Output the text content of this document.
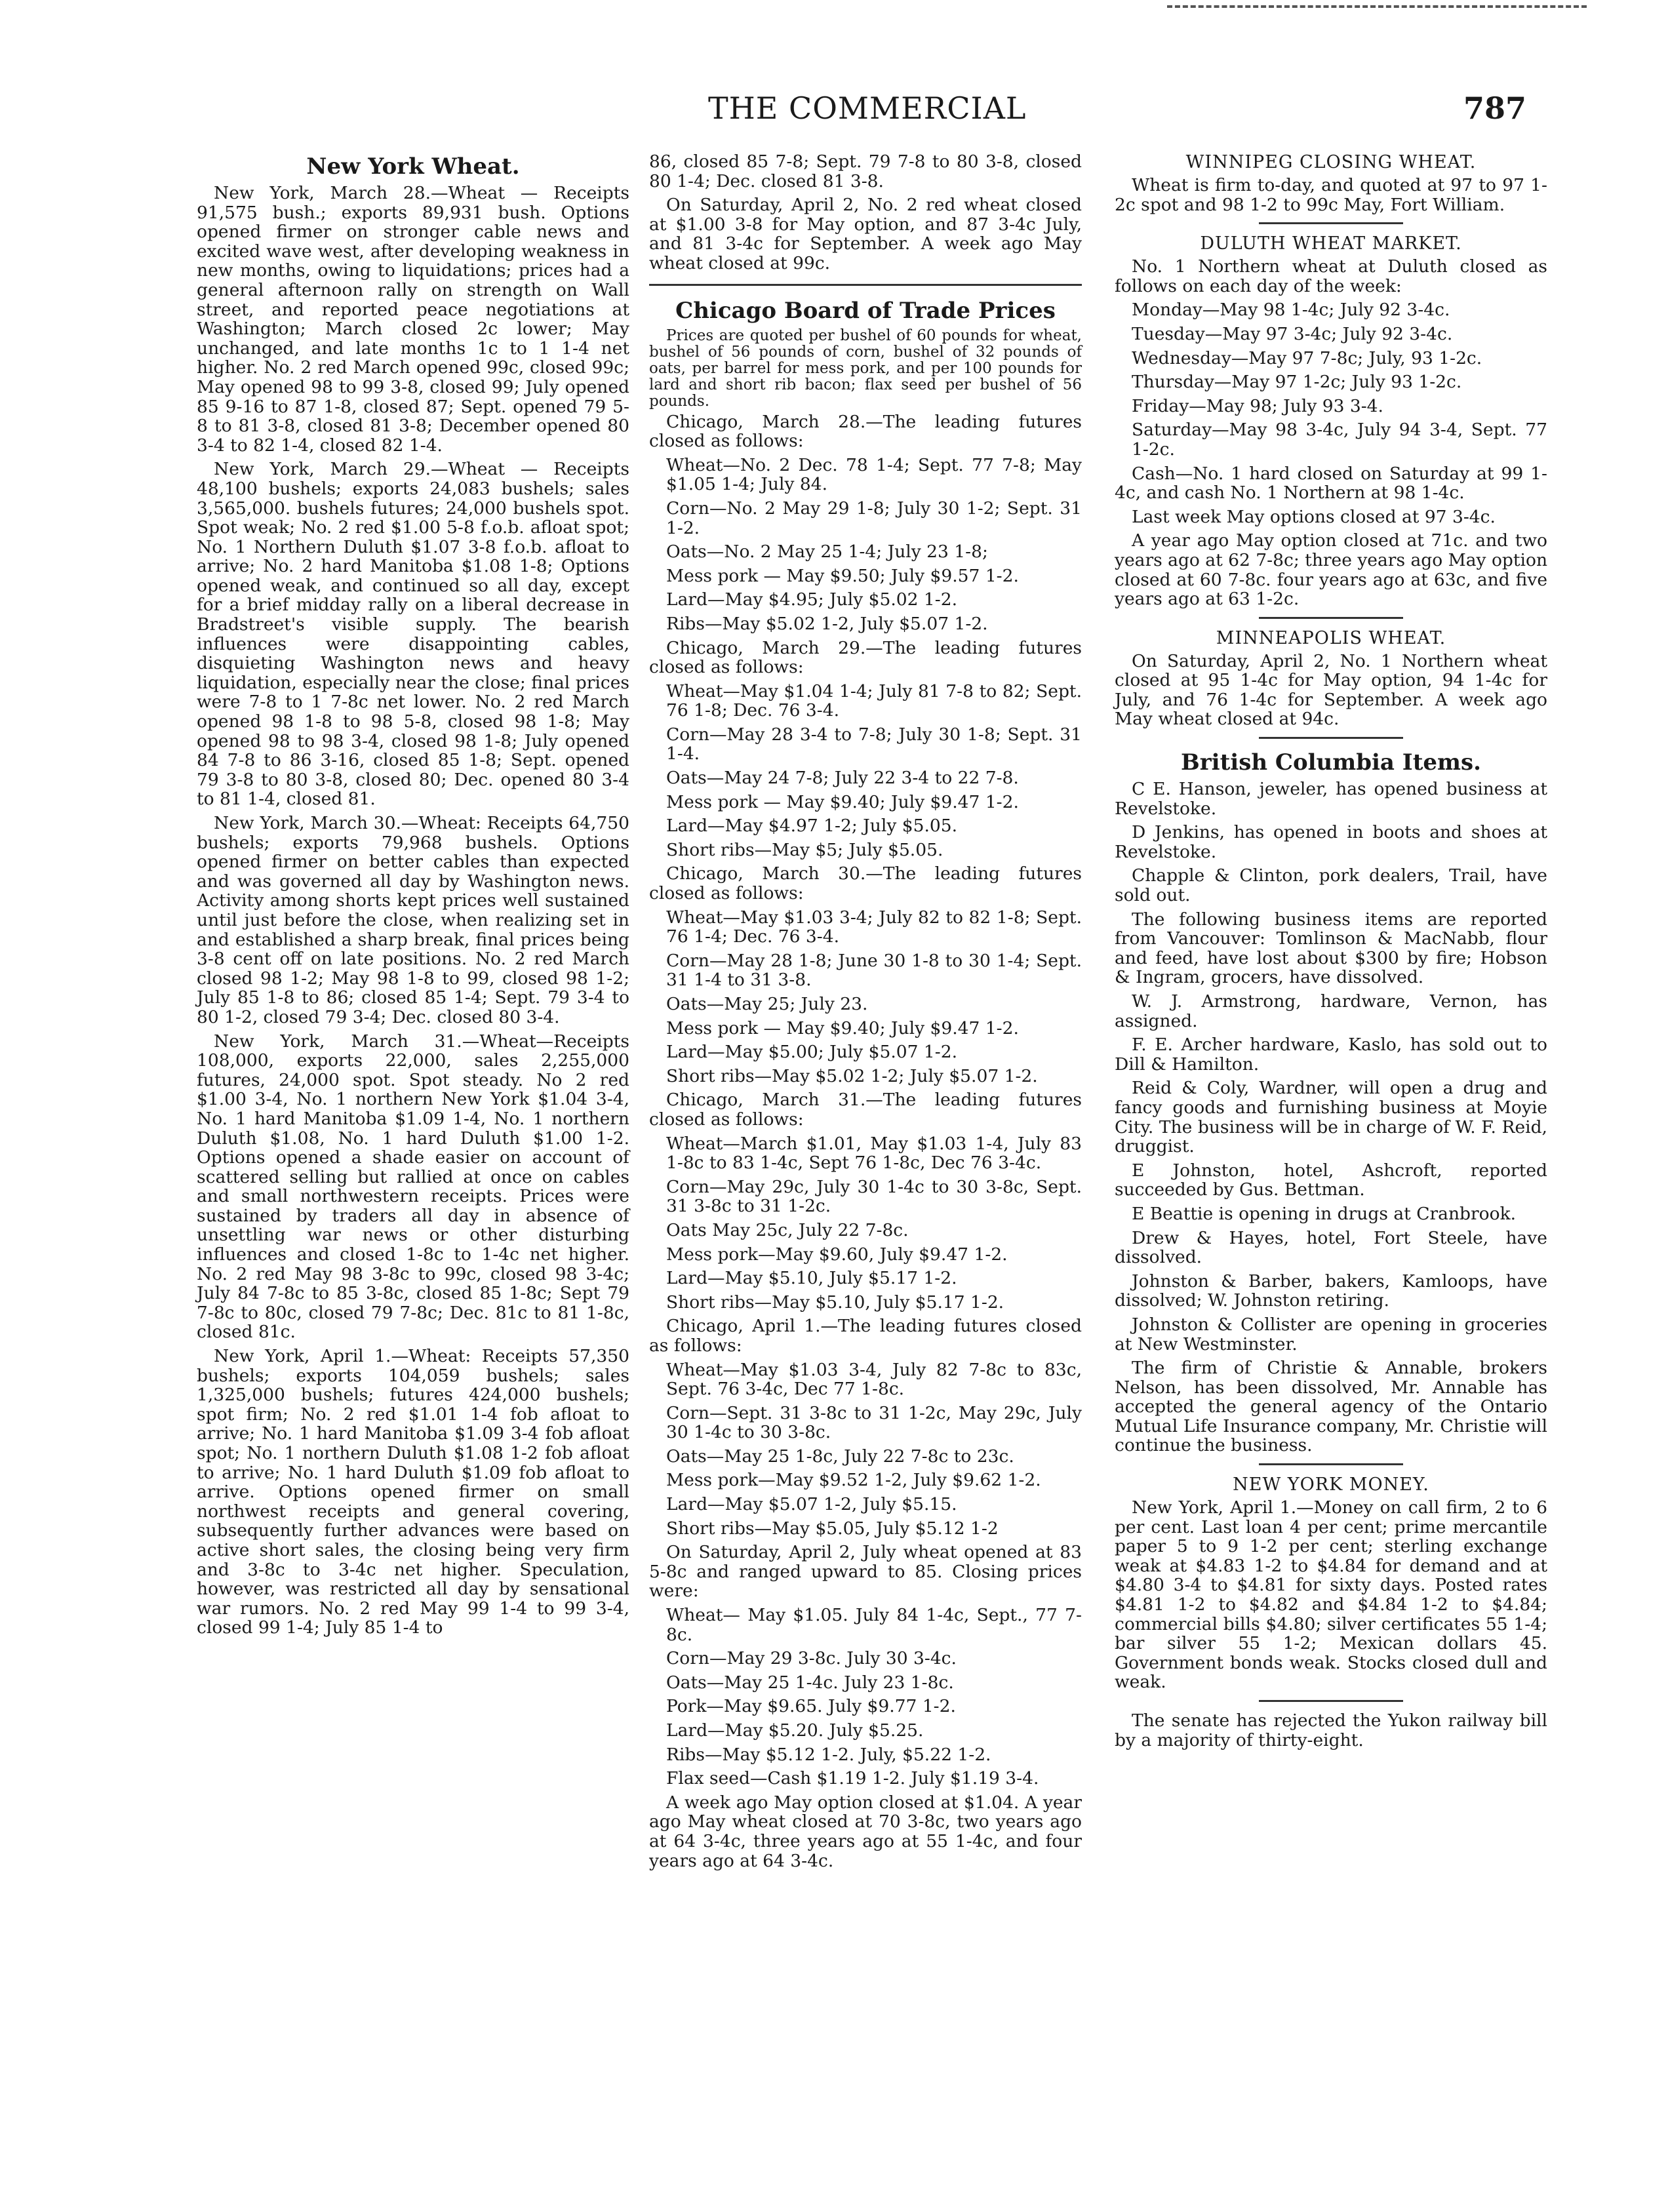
THE COMMERCIAL	787
New York Wheat.

New York, March 28.—Wheat — Receipts 91,575 bush.; exports 89,931 bush. Options opened firmer on stronger cable news and excited wave west, after developing weakness in new months, owing to liquidations; prices had a general afternoon rally on strength on Wall street, and reported peace negotiations at Washington; March closed 2c lower; May unchanged, and late months 1c to 1 1-4 net higher. No. 2 red March opened 99c, closed 99c; May opened 98 to 99 3-8, closed 99; July opened 85 9-16 to 87 1-8, closed 87; Sept. opened 79 5-8 to 81 3-8, closed 81 3-8; December opened 80 3-4 to 82 1-4, closed 82 1-4.

New York, March 29.—Wheat — Receipts 48,100 bushels; exports 24,083 bushels; sales 3,565,000. bushels futures; 24,000 bushels spot. Spot weak; No. 2 red $1.00 5-8 f.o.b. afloat spot; No. 1 Northern Duluth $1.07 3-8 f.o.b. afloat to arrive; No. 2 hard Manitoba $1.08 1-8; Options opened weak, and continued so all day, except for a brief midday rally on a liberal decrease in Bradstreet's visible supply. The bearish influences were disappointing cables, disquieting Washington news and heavy liquidation, especially near the close; final prices were 7-8 to 1 7-8c net lower. No. 2 red March opened 98 1-8 to 98 5-8, closed 98 1-8; May opened 98 to 98 3-4, closed 98 1-8; July opened 84 7-8 to 86 3-16, closed 85 1-8; Sept. opened 79 3-8 to 80 3-8, closed 80; Dec. opened 80 3-4 to 81 1-4, closed 81.

New York, March 30.—Wheat: Receipts 64,750 bushels; exports 79,968 bushels. Options opened firmer on better cables than expected and was governed all day by Washington news. Activity among shorts kept prices well sustained until just before the close, when realizing set in and established a sharp break, final prices being 3-8 cent off on late positions. No. 2 red March closed 98 1-2; May 98 1-8 to 99, closed 98 1-2; July 85 1-8 to 86; closed 85 1-4; Sept. 79 3-4 to 80 1-2, closed 79 3-4; Dec. closed 80 3-4.

New York, March 31.—Wheat—Receipts 108,000, exports 22,000, sales 2,255,000 futures, 24,000 spot. Spot steady. No 2 red $1.00 3-4, No. 1 northern New York $1.04 3-4, No. 1 hard Manitoba $1.09 1-4, No. 1 northern Duluth $1.08, No. 1 hard Duluth $1.00 1-2. Options opened a shade easier on account of scattered selling but rallied at once on cables and small northwestern receipts. Prices were sustained by traders all day in absence of unsettling war news or other disturbing influences and closed 1-8c to 1-4c net higher. No. 2 red May 98 3-8c to 99c, closed 98 3-4c; July 84 7-8c to 85 3-8c, closed 85 1-8c; Sept 79 7-8c to 80c, closed 79 7-8c; Dec. 81c to 81 1-8c, closed 81c.

New York, April 1.—Wheat: Receipts 57,350 bushels; exports 104,059 bushels; sales 1,325,000 bushels; futures 424,000 bushels; spot firm; No. 2 red $1.01 1-4 fob afloat to arrive; No. 1 hard Manitoba $1.09 3-4 fob afloat spot; No. 1 northern Duluth $1.08 1-2 fob afloat to arrive; No. 1 hard Duluth $1.09 fob afloat to arrive. Options opened firmer on small northwest receipts and general covering, subsequently further advances were based on active short sales, the closing being very firm and 3-8c to 3-4c net higher. Speculation, however, was restricted all day by sensational war rumors. No. 2 red May 99 1-4 to 99 3-4, closed 99 1-4; July 85 1-4 to

86, closed 85 7-8; Sept. 79 7-8 to 80 3-8, closed 80 1-4; Dec. closed 81 3-8.

On Saturday, April 2, No. 2 red wheat closed at $1.00 3-8 for May option, and 87 3-4c July, and 81 3-4c for September. A week ago May wheat closed at 99c.

Chicago Board of Trade Prices

Prices are quoted per bushel of 60 pounds for wheat, bushel of 56 pounds of corn, bushel of 32 pounds of oats, per barrel for mess pork, and per 100 pounds for lard and short rib bacon; flax seed per bushel of 56 pounds.

Chicago, March 28.—The leading futures closed as follows:

Wheat—No. 2 Dec. 78 1-4; Sept. 77 7-8; May $1.05 1-4; July 84.

Corn—No. 2 May 29 1-8; July 30 1-2; Sept. 31 1-2.

Oats—No. 2 May 25 1-4; July 23 1-8;

Mess pork — May $9.50; July $9.57 1-2.

Lard—May $4.95; July $5.02 1-2.

Ribs—May $5.02 1-2, July $5.07 1-2.

Chicago, March 29.—The leading futures closed as follows:

Wheat—May $1.04 1-4; July 81 7-8 to 82; Sept. 76 1-8; Dec. 76 3-4.

Corn—May 28 3-4 to 7-8; July 30 1-8; Sept. 31 1-4.

Oats—May 24 7-8; July 22 3-4 to 22 7-8.

Mess pork — May $9.40; July $9.47 1-2.

Lard—May $4.97 1-2; July $5.05.

Short ribs—May $5; July $5.05.

Chicago, March 30.—The leading futures closed as follows:

Wheat—May $1.03 3-4; July 82 to 82 1-8; Sept. 76 1-4; Dec. 76 3-4.

Corn—May 28 1-8; June 30 1-8 to 30 1-4; Sept. 31 1-4 to 31 3-8.

Oats—May 25; July 23.

Mess pork — May $9.40; July $9.47 1-2.

Lard—May $5.00; July $5.07 1-2.

Short ribs—May $5.02 1-2; July $5.07 1-2.

Chicago, March 31.—The leading futures closed as follows:

Wheat—March $1.01, May $1.03 1-4, July 83 1-8c to 83 1-4c, Sept 76 1-8c, Dec 76 3-4c.

Corn—May 29c, July 30 1-4c to 30 3-8c, Sept. 31 3-8c to 31 1-2c.

Oats May 25c, July 22 7-8c.

Mess pork—May $9.60, July $9.47 1-2.

Lard—May $5.10, July $5.17 1-2.

Short ribs—May $5.10, July $5.17 1-2.

Chicago, April 1.—The leading futures closed as follows:

Wheat—May $1.03 3-4, July 82 7-8c to 83c, Sept. 76 3-4c, Dec 77 1-8c.

Corn—Sept. 31 3-8c to 31 1-2c, May 29c, July 30 1-4c to 30 3-8c.

Oats—May 25 1-8c, July 22 7-8c to 23c.

Mess pork—May $9.52 1-2, July $9.62 1-2.

Lard—May $5.07 1-2, July $5.15.

Short ribs—May $5.05, July $5.12 1-2

On Saturday, April 2, July wheat opened at 83 5-8c and ranged upward to 85. Closing prices were:

Wheat— May $1.05. July 84 1-4c, Sept., 77 7-8c.

Corn—May 29 3-8c. July 30 3-4c.

Oats—May 25 1-4c. July 23 1-8c.

Pork—May $9.65. July $9.77 1-2.

Lard—May $5.20. July $5.25.

Ribs—May $5.12 1-2. July, $5.22 1-2.

Flax seed—Cash $1.19 1-2. July $1.19 3-4.

A week ago May option closed at $1.04. A year ago May wheat closed at 70 3-8c, two years ago at 64 3-4c, three years ago at 55 1-4c, and four years ago at 64 3-4c.

WINNIPEG CLOSING WHEAT.

Wheat is firm to-day, and quoted at 97 to 97 1-2c spot and 98 1-2 to 99c May, Fort William.

DULUTH WHEAT MARKET.

No. 1 Northern wheat at Duluth closed as follows on each day of the week:

Monday—May 98 1-4c; July 92 3-4c.

Tuesday—May 97 3-4c; July 92 3-4c.

Wednesday—May 97 7-8c; July, 93 1-2c.

Thursday—May 97 1-2c; July 93 1-2c.

Friday—May 98; July 93 3-4.

Saturday—May 98 3-4c, July 94 3-4, Sept. 77 1-2c.

Cash—No. 1 hard closed on Saturday at 99 1-4c, and cash No. 1 Northern at 98 1-4c.

Last week May options closed at 97 3-4c.

A year ago May option closed at 71c. and two years ago at 62 7-8c; three years ago May option closed at 60 7-8c. four years ago at 63c, and five years ago at 63 1-2c.

MINNEAPOLIS WHEAT.

On Saturday, April 2, No. 1 Northern wheat closed at 95 1-4c for May option, 94 1-4c for July, and 76 1-4c for September. A week ago May wheat closed at 94c.

British Columbia Items.

C E. Hanson, jeweler, has opened business at Revelstoke.

D Jenkins, has opened in boots and shoes at Revelstoke.

Chapple & Clinton, pork dealers, Trail, have sold out.

The following business items are reported from Vancouver: Tomlinson & MacNabb, flour and feed, have lost about $300 by fire; Hobson & Ingram, grocers, have dissolved.

W. J. Armstrong, hardware, Vernon, has assigned.

F. E. Archer hardware, Kaslo, has sold out to Dill & Hamilton.

Reid & Coly, Wardner, will open a drug and fancy goods and furnishing business at Moyie City. The business will be in charge of W. F. Reid, druggist.

E Johnston, hotel, Ashcroft, reported succeeded by Gus. Bettman.

E Beattie is opening in drugs at Cranbrook.

Drew & Hayes, hotel, Fort Steele, have dissolved.

Johnston & Barber, bakers, Kamloops, have dissolved; W. Johnston retiring.

Johnston & Collister are opening in groceries at New Westminster.

The firm of Christie & Annable, brokers Nelson, has been dissolved, Mr. Annable has accepted the general agency of the Ontario Mutual Life Insurance company, Mr. Christie will continue the business.

NEW YORK MONEY.

New York, April 1.—Money on call firm, 2 to 6 per cent. Last loan 4 per cent; prime mercantile paper 5 to 9 1-2 per cent; sterling exchange weak at $4.83 1-2 to $4.84 for demand and at $4.80 3-4 to $4.81 for sixty days. Posted rates $4.81 1-2 to $4.82 and $4.84 1-2 to $4.84; commercial bills $4.80; silver certificates 55 1-4; bar silver 55 1-2; Mexican dollars 45. Government bonds weak. Stocks closed dull and weak.

The senate has rejected the Yukon railway bill by a majority of thirty-eight.
